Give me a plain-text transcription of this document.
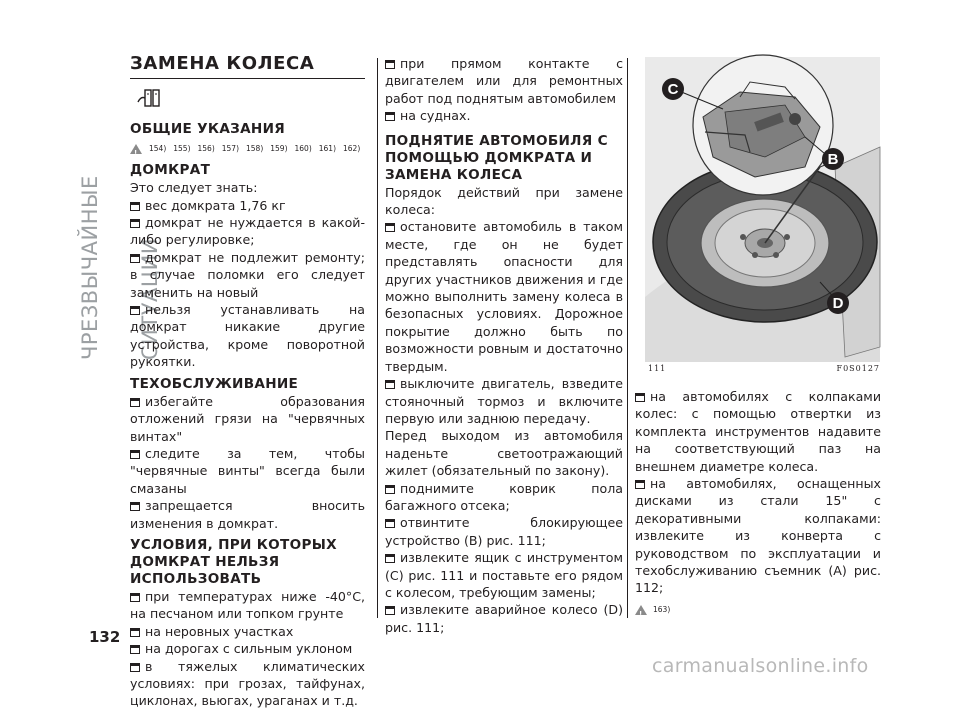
ЧРЕЗВЫЧАЙНЫЕ СИТУАЦИИ
132
ЗАМЕНА КОЛЕСА
ОБЩИЕ УКАЗАНИЯ
!
154) 155) 156) 157) 158) 159) 160) 161) 162)
ДОМКРАТ
Это следует знать:
вес домкрата 1,76 кг
домкрат не нуждается в какой-либо регулировке;
домкрат не подлежит ремонту; в случае поломки его следует заменить на новый
нельзя устанавливать на домкрат никакие другие устройства, кроме поворотной рукоятки.
ТЕХОБСЛУЖИВАНИЕ
избегайте образования отложений грязи на "червячных винтах"
следите за тем, чтобы "червячные винты" всегда были смазаны
запрещается вносить изменения в домкрат.
УСЛОВИЯ, ПРИ КОТОРЫХ ДОМКРАТ НЕЛЬЗЯ ИСПОЛЬЗОВАТЬ
при температурах ниже -40°C, на песчаном или топком грунте
на неровных участках
на дорогах с сильным уклоном
в тяжелых климатических условиях: при грозах, тайфунах, циклонах, вьюгах, ураганах и т.д.
при прямом контакте с двигателем или для ремонтных работ под поднятым автомобилем
на суднах.
ПОДНЯТИЕ АВТОМОБИЛЯ С ПОМОЩЬЮ ДОМКРАТА И ЗАМЕНА КОЛЕСА
Порядок действий при замене колеса:
остановите автомобиль в таком месте, где он не будет представлять опасности для других участников движения и где можно выполнить замену колеса в безопасных условиях. Дорожное покрытие должно быть по возможности ровным и достаточно твердым.
выключите двигатель, взведите стояночный тормоз и включите первую или заднюю передачу.
Перед выходом из автомобиля наденьте светоотражающий жилет (обязательный по закону).
поднимите коврик пола багажного отсека;
отвинтите блокирующее устройство (В) рис. 111;
извлеките ящик с инструментом (С) рис. 111 и поставьте его рядом с колесом, требующим замены;
извлеките аварийное колесо (D) рис. 111;
C
B
D
111	F0S0127
на автомобилях с колпаками колес: с помощью отвертки из комплекта инструментов надавите на соответствующий паз на внешнем диаметре колеса.
на автомобилях, оснащенных дисками из стали 15" с декоративными колпаками: извлеките из конверта с руководством по эксплуатации и техобслуживанию съемник (A) рис. 112;
!
163)
carmanualsonline.info
